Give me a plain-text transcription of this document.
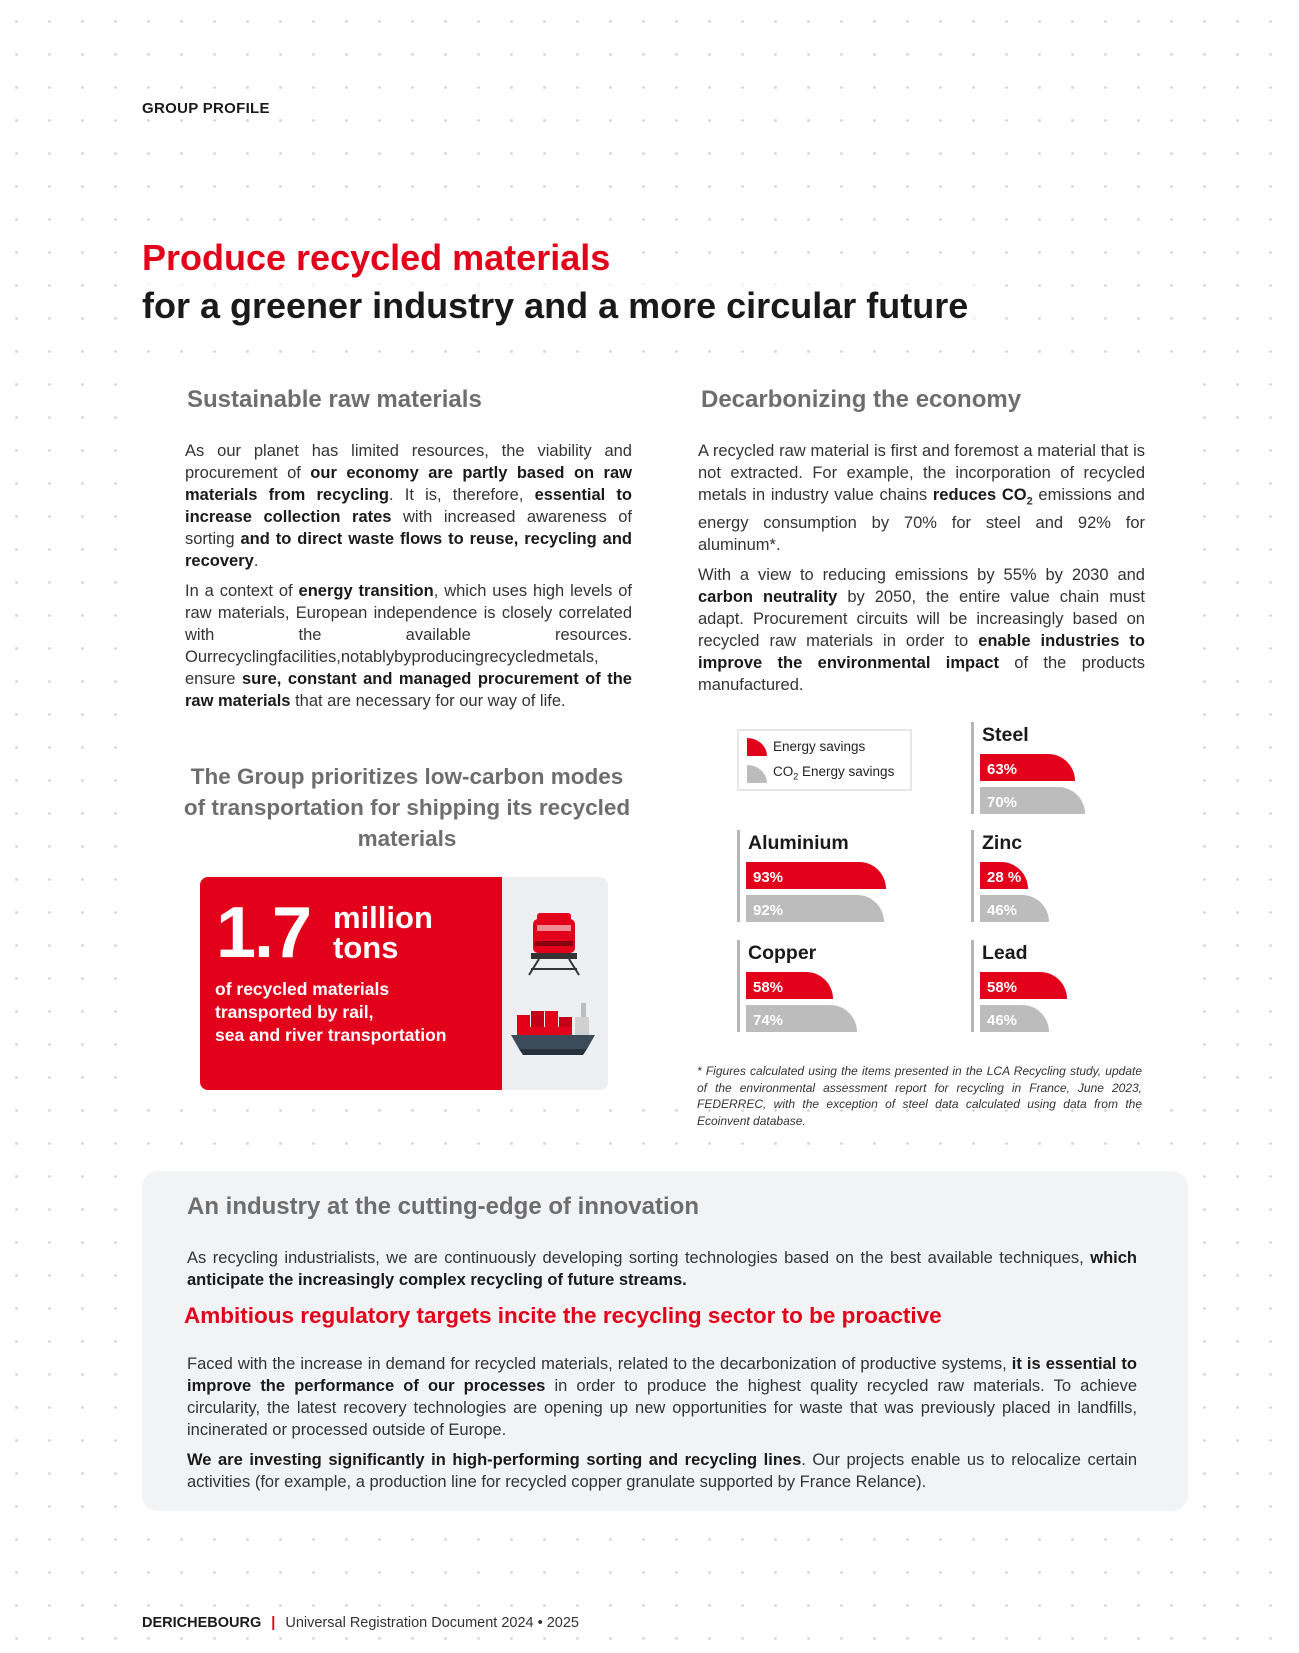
GROUP PROFILE
Produce recycled materials
for a greener industry and a more circular future
Sustainable raw materials

As our planet has limited resources, the viability and procurement of our economy are partly based on raw materials from recycling. It is, therefore, essential to increase collection rates with increased awareness of sorting and to direct waste flows to reuse, recycling and recovery.

In a context of energy transition, which uses high levels of raw materials, European independence is closely correlated with the available resources. Ourrecyclingfacilities,notablybyproducingrecycledmetals, ensure sure, constant and managed procurement of the raw materials that are necessary for our way of life.

The Group prioritizes low-carbon modes of transportation for shipping its recycled materials
1.7 million
tons
of recycled materials
transported by rail,
sea and river transportation
Decarbonizing the economy

A recycled raw material is first and foremost a material that is not extracted. For example, the incorporation of recycled metals in industry value chains reduces $CO_2$ emissions and energy consumption by 70% for steel and 92% for aluminum*.

With a view to reducing emissions by 55% by 2030 and carbon neutrality by 2050, the entire value chain must adapt. Procurement circuits will be increasingly based on recycled raw materials in order to enable industries to improve the environmental impact of the products manufactured.

Energy savings
$CO_2$ Energy savings
Steel
63%
70%
Aluminium
93%
92%
Zinc
28 %
46%
Copper
58%
74%
Lead
58%
46%
* Figures calculated using the items presented in the LCA Recycling study, update of the environmental assessment report for recycling in France, June 2023, FEDERREC, with the exception of steel data calculated using data from the Ecoinvent database.
An industry at the cutting-edge of innovation

As recycling industrialists, we are continuously developing sorting technologies based on the best available techniques, which anticipate the increasingly complex recycling of future streams.

Ambitious regulatory targets incite the recycling sector to be proactive

Faced with the increase in demand for recycled materials, related to the decarbonization of productive systems, it is essential to improve the performance of our processes in order to produce the highest quality recycled raw materials. To achieve circularity, the latest recovery technologies are opening up new opportunities for waste that was previously placed in landfills, incinerated or processed outside of Europe.

We are investing significantly in high-performing sorting and recycling lines. Our projects enable us to relocalize certain activities (for example, a production line for recycled copper granulate supported by France Relance).

DERICHEBOURG | Universal Registration Document 2024 • 2025
